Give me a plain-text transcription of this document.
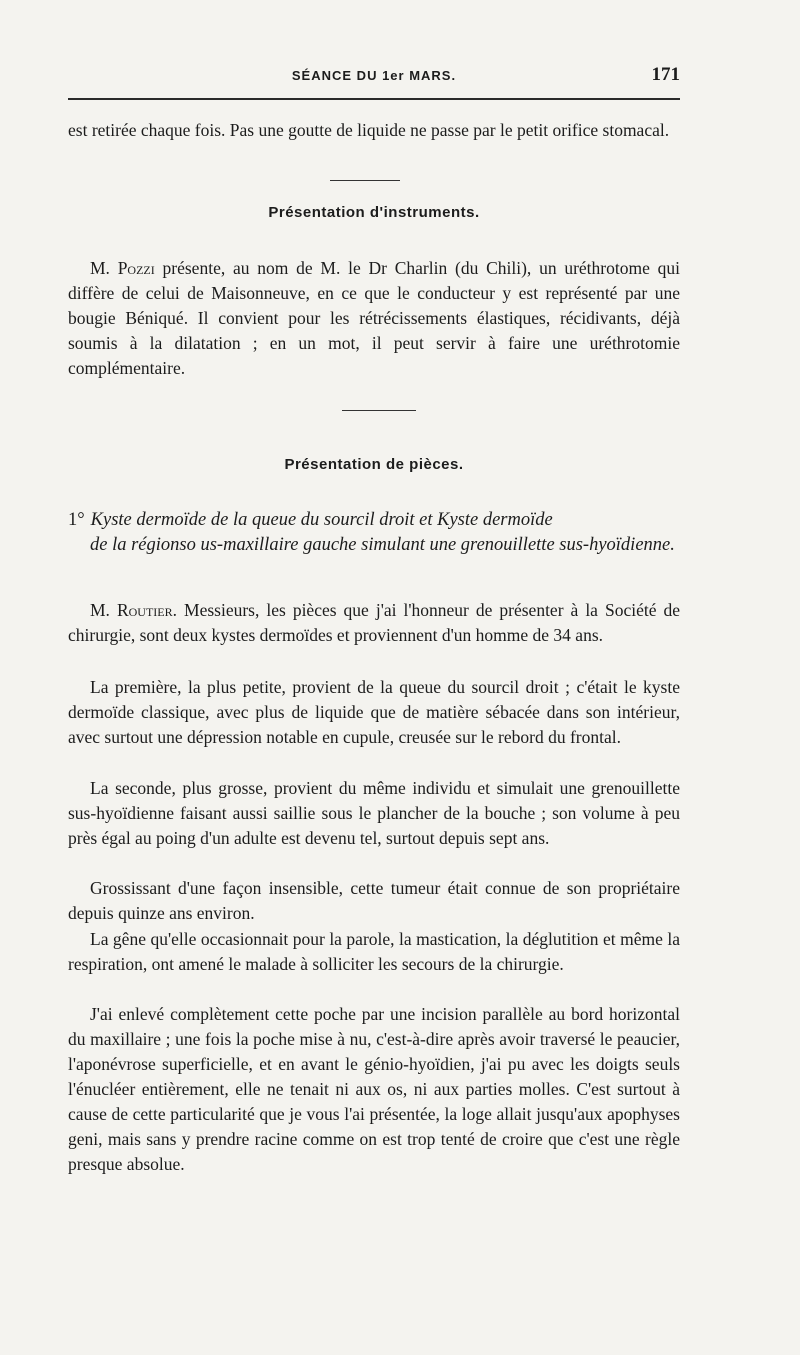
SÉANCE DU 1er MARS.	171

est retirée chaque fois. Pas une goutte de liquide ne passe par le petit orifice stomacal.

Présentation d'instruments.

M. Pozzi présente, au nom de M. le Dr Charlin (du Chili), un uréthrotome qui diffère de celui de Maisonneuve, en ce que le conducteur y est représenté par une bougie Béniqué. Il convient pour les rétrécissements élastiques, récidivants, déjà soumis à la dilatation ; en un mot, il peut servir à faire une uréthrotomie complémentaire.

Présentation de pièces.

1° Kyste dermoïde de la queue du sourcil droit et Kyste dermoïde
de la régionso us-maxillaire gauche simulant une grenouillette sus-hyoïdienne.

M. Routier. Messieurs, les pièces que j'ai l'honneur de présenter à la Société de chirurgie, sont deux kystes dermoïdes et proviennent d'un homme de 34 ans.

La première, la plus petite, provient de la queue du sourcil droit ; c'était le kyste dermoïde classique, avec plus de liquide que de matière sébacée dans son intérieur, avec surtout une dépression notable en cupule, creusée sur le rebord du frontal.

La seconde, plus grosse, provient du même individu et simulait une grenouillette sus-hyoïdienne faisant aussi saillie sous le plancher de la bouche ; son volume à peu près égal au poing d'un adulte est devenu tel, surtout depuis sept ans.

Grossissant d'une façon insensible, cette tumeur était connue de son propriétaire depuis quinze ans environ.

La gêne qu'elle occasionnait pour la parole, la mastication, la déglutition et même la respiration, ont amené le malade à solliciter les secours de la chirurgie.

J'ai enlevé complètement cette poche par une incision parallèle au bord horizontal du maxillaire ; une fois la poche mise à nu, c'est-à-dire après avoir traversé le peaucier, l'aponévrose superficielle, et en avant le génio-hyoïdien, j'ai pu avec les doigts seuls l'énucléer entièrement, elle ne tenait ni aux os, ni aux parties molles. C'est surtout à cause de cette particularité que je vous l'ai présentée, la loge allait jusqu'aux apophyses geni, mais sans y prendre racine comme on est trop tenté de croire que c'est une règle presque absolue.
